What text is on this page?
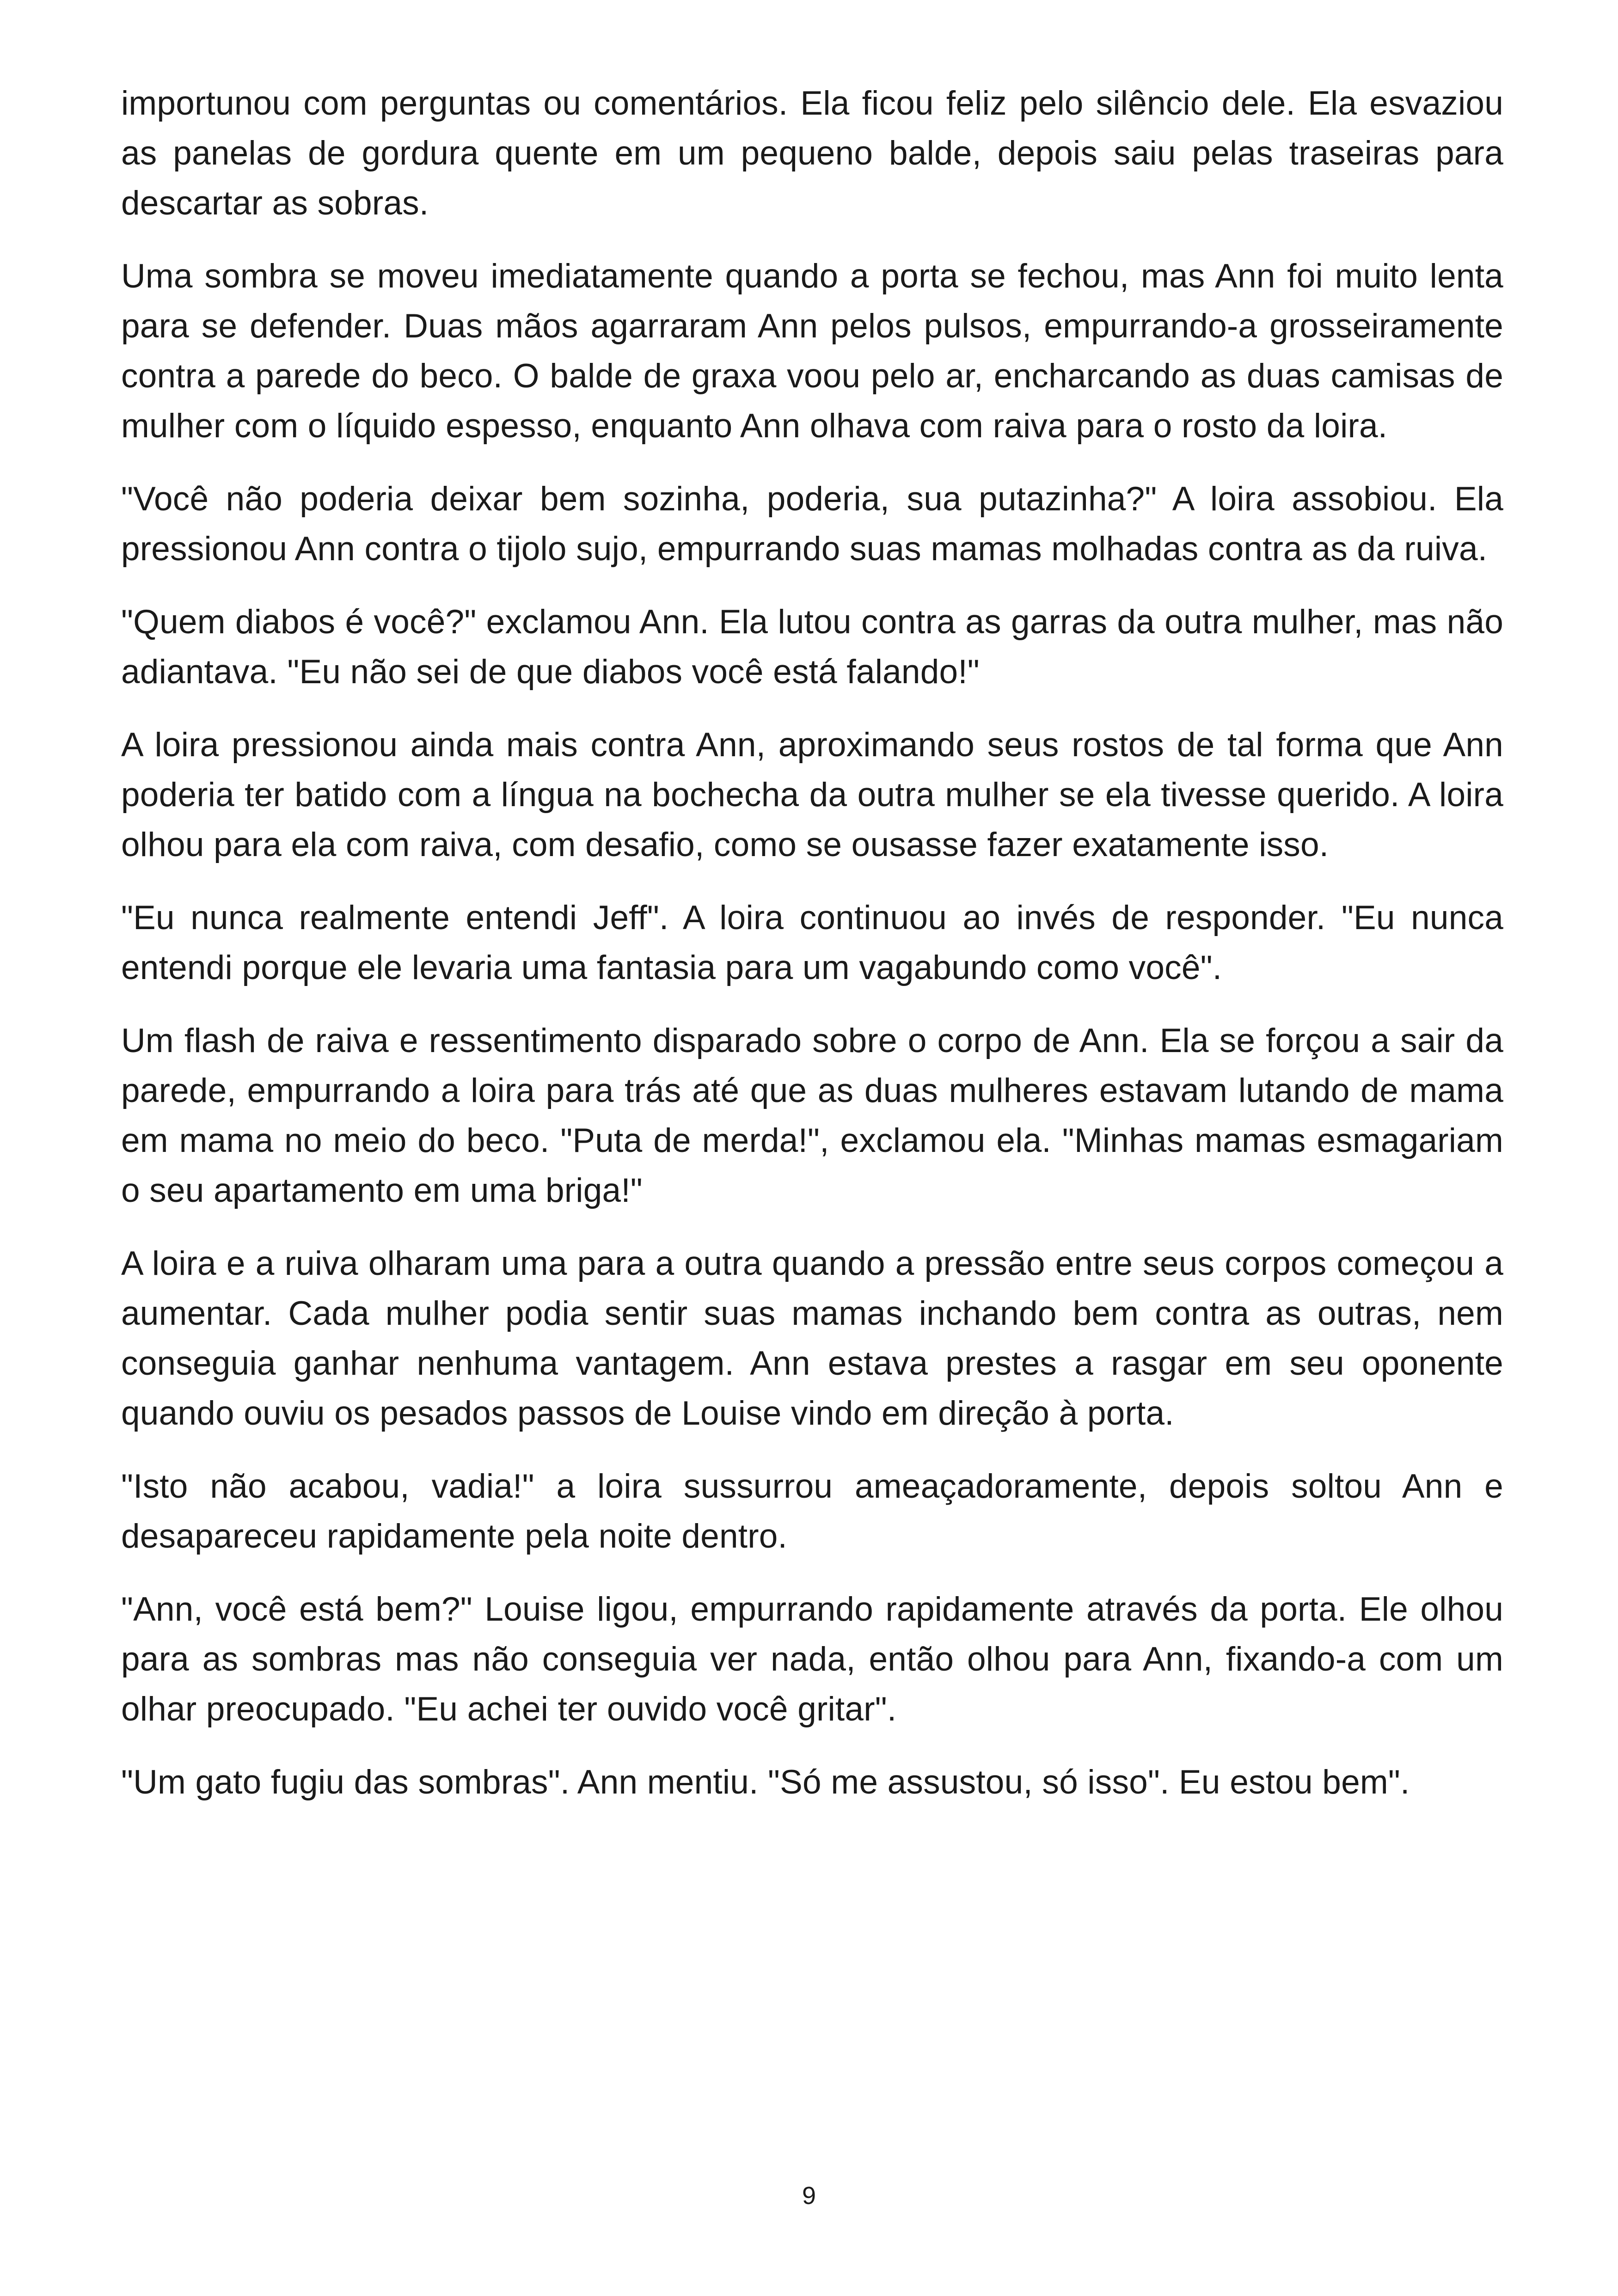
importunou com perguntas ou comentários. Ela ficou feliz pelo silêncio dele. Ela esvaziou as panelas de gordura quente em um pequeno balde, depois saiu pelas traseiras para descartar as sobras.

Uma sombra se moveu imediatamente quando a porta se fechou, mas Ann foi muito lenta para se defender. Duas mãos agarraram Ann pelos pulsos, empurrando-a grosseiramente contra a parede do beco. O balde de graxa voou pelo ar, encharcando as duas camisas de mulher com o líquido espesso, enquanto Ann olhava com raiva para o rosto da loira.

"Você não poderia deixar bem sozinha, poderia, sua putazinha?" A loira assobiou. Ela pressionou Ann contra o tijolo sujo, empurrando suas mamas molhadas contra as da ruiva.

"Quem diabos é você?" exclamou Ann. Ela lutou contra as garras da outra mulher, mas não adiantava. "Eu não sei de que diabos você está falando!"

A loira pressionou ainda mais contra Ann, aproximando seus rostos de tal forma que Ann poderia ter batido com a língua na bochecha da outra mulher se ela tivesse querido. A loira olhou para ela com raiva, com desafio, como se ousasse fazer exatamente isso.

"Eu nunca realmente entendi Jeff". A loira continuou ao invés de responder. "Eu nunca entendi porque ele levaria uma fantasia para um vagabundo como você".

Um flash de raiva e ressentimento disparado sobre o corpo de Ann. Ela se forçou a sair da parede, empurrando a loira para trás até que as duas mulheres estavam lutando de mama em mama no meio do beco. "Puta de merda!", exclamou ela. "Minhas mamas esmagariam o seu apartamento em uma briga!"

A loira e a ruiva olharam uma para a outra quando a pressão entre seus corpos começou a aumentar. Cada mulher podia sentir suas mamas inchando bem contra as outras, nem conseguia ganhar nenhuma vantagem. Ann estava prestes a rasgar em seu oponente quando ouviu os pesados passos de Louise vindo em direção à porta.

"Isto não acabou, vadia!" a loira sussurrou ameaçadoramente, depois soltou Ann e desapareceu rapidamente pela noite dentro.

"Ann, você está bem?" Louise ligou, empurrando rapidamente através da porta. Ele olhou para as sombras mas não conseguia ver nada, então olhou para Ann, fixando-a com um olhar preocupado. "Eu achei ter ouvido você gritar".

"Um gato fugiu das sombras". Ann mentiu. "Só me assustou, só isso". Eu estou bem".

9
